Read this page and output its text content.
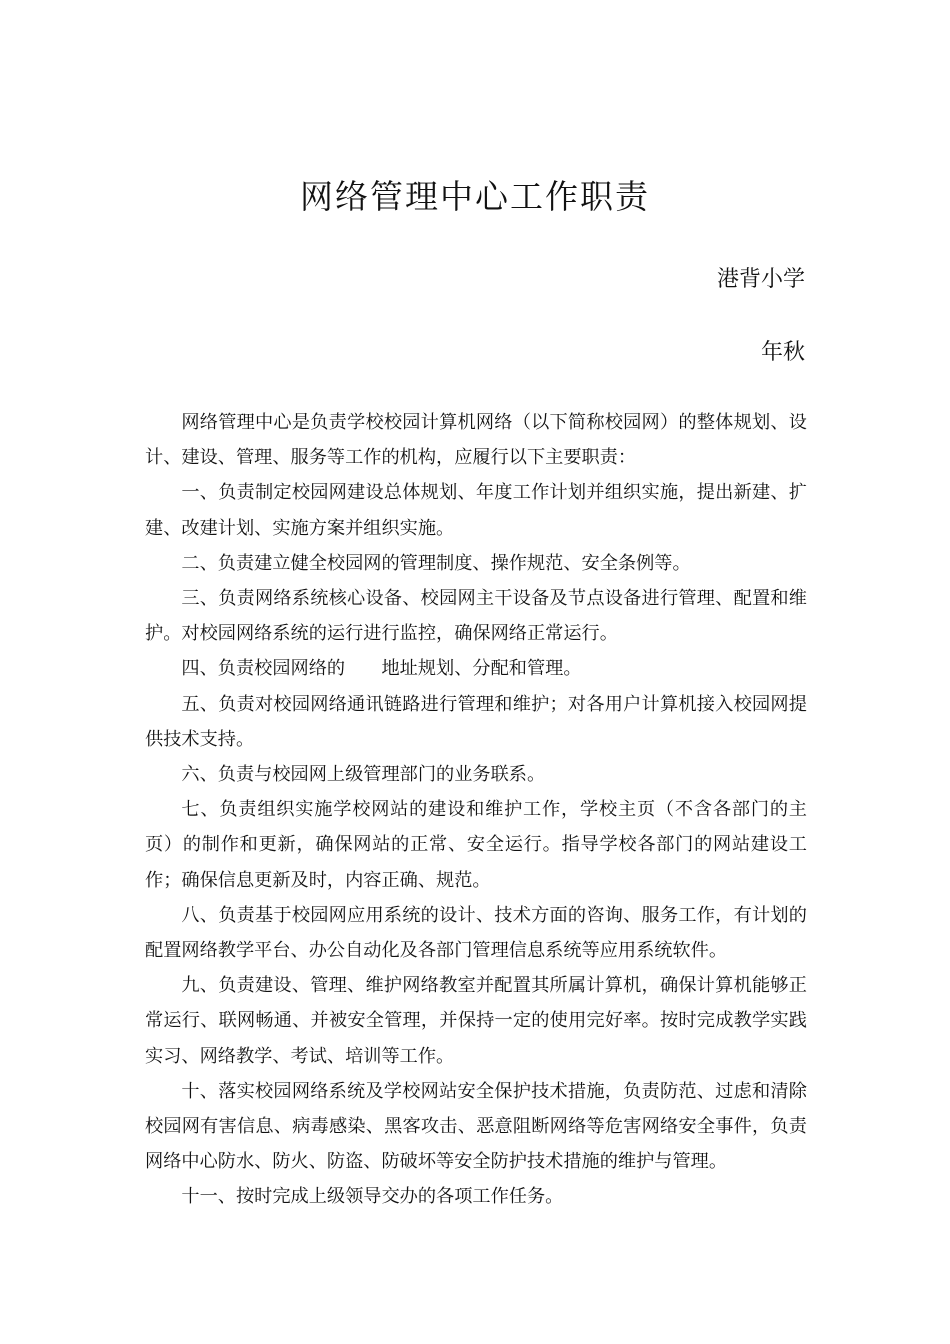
网络管理中心工作职责
港背小学
年秋

网络管理中心是负责学校校园计算机网络（以下简称校园网）的整体规划、设计、建设、管理、服务等工作的机构，应履行以下主要职责：

一、负责制定校园网建设总体规划、年度工作计划并组织实施，提出新建、扩建、改建计划、实施方案并组织实施。

二、负责建立健全校园网的管理制度、操作规范、安全条例等。

三、负责网络系统核心设备、校园网主干设备及节点设备进行管理、配置和维护。对校园网络系统的运行进行监控，确保网络正常运行。

四、负责校园网络的　　地址规划、分配和管理。

五、负责对校园网络通讯链路进行管理和维护；对各用户计算机接入校园网提供技术支持。

六、负责与校园网上级管理部门的业务联系。

七、负责组织实施学校网站的建设和维护工作，学校主页（不含各部门的主页）的制作和更新，确保网站的正常、安全运行。指导学校各部门的网站建设工作；确保信息更新及时，内容正确、规范。

八、负责基于校园网应用系统的设计、技术方面的咨询、服务工作，有计划的配置网络教学平台、办公自动化及各部门管理信息系统等应用系统软件。

九、负责建设、管理、维护网络教室并配置其所属计算机，确保计算机能够正常运行、联网畅通、并被安全管理，并保持一定的使用完好率。按时完成教学实践实习、网络教学、考试、培训等工作。

十、落实校园网络系统及学校网站安全保护技术措施，负责防范、过虑和清除校园网有害信息、病毒感染、黑客攻击、恶意阻断网络等危害网络安全事件，负责网络中心防水、防火、防盗、防破坏等安全防护技术措施的维护与管理。

十一、按时完成上级领导交办的各项工作任务。
